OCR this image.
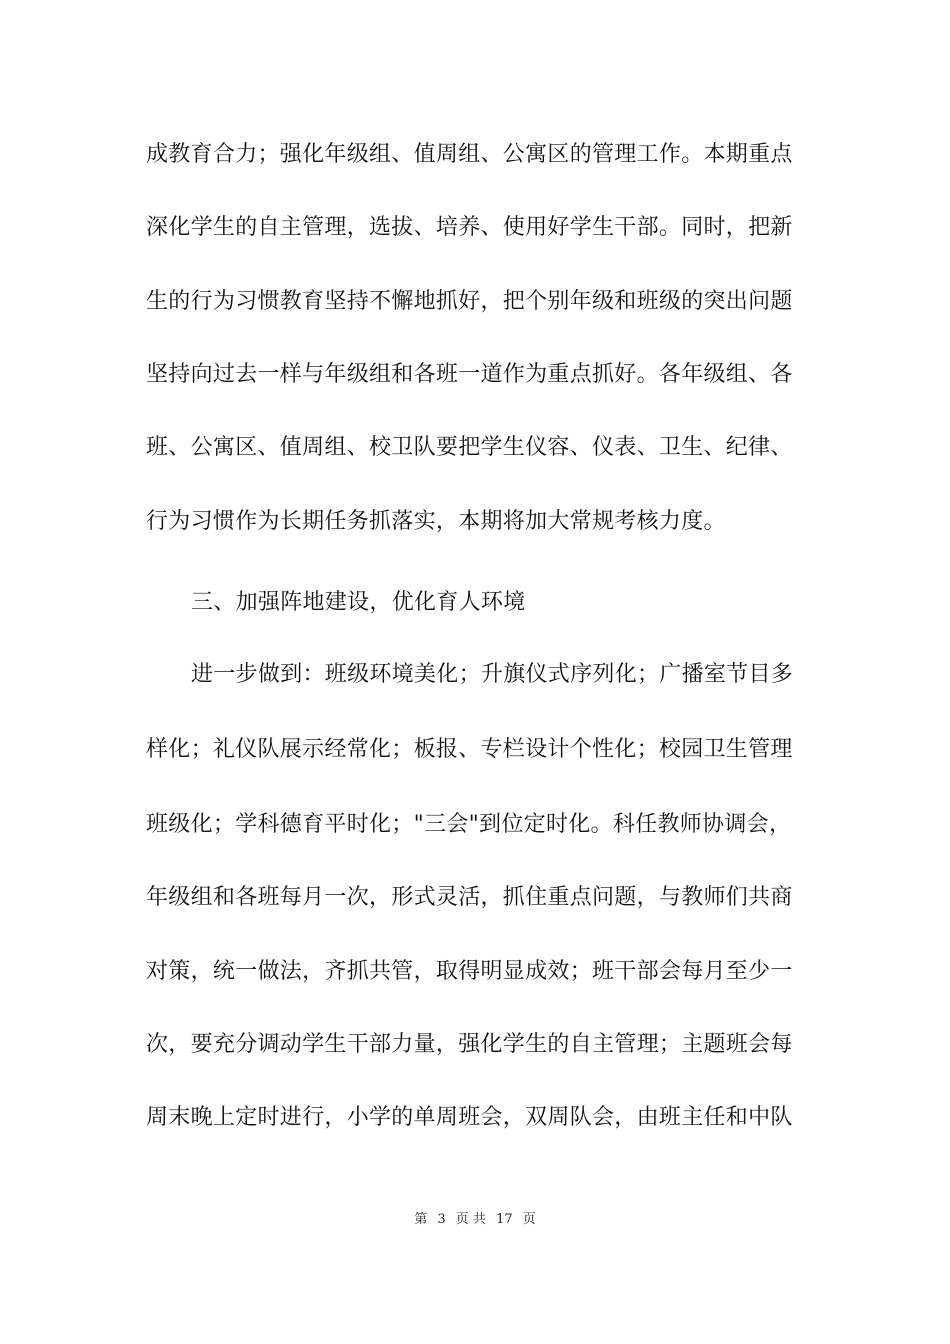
成教育合力；强化年级组、值周组、公寓区的管理工作。本期重点
深化学生的自主管理，选拔、培养、使用好学生干部。同时，把新
生的行为习惯教育坚持不懈地抓好，把个别年级和班级的突出问题
坚持向过去一样与年级组和各班一道作为重点抓好。各年级组、各
班、公寓区、值周组、校卫队要把学生仪容、仪表、卫生、纪律、
行为习惯作为长期任务抓落实，本期将加大常规考核力度。
三、加强阵地建设，优化育人环境
进一步做到：班级环境美化；升旗仪式序列化；广播室节目多
样化；礼仪队展示经常化；板报、专栏设计个性化；校园卫生管理
班级化；学科德育平时化；"三会"到位定时化。科任教师协调会，
年级组和各班每月一次，形式灵活，抓住重点问题，与教师们共商
对策，统一做法，齐抓共管，取得明显成效；班干部会每月至少一
次，要充分调动学生干部力量，强化学生的自主管理；主题班会每
周末晚上定时进行，小学的单周班会，双周队会，由班主任和中队
第 3 页 共 17 页
